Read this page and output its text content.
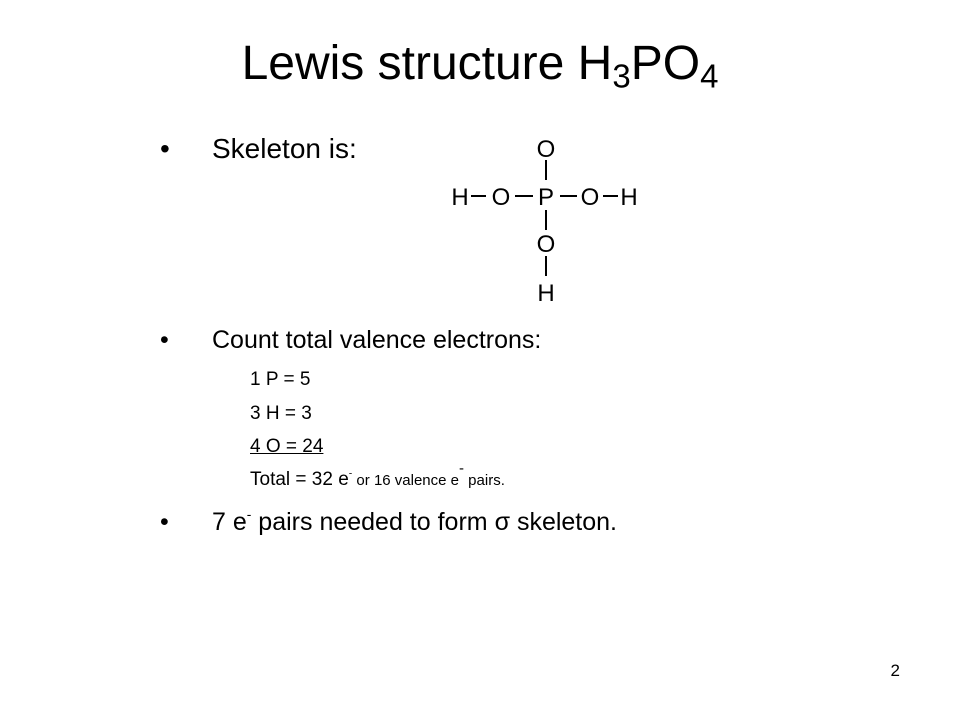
Lewis structure $H_3PO_4$
• Skeleton is:	O
H O P O H
O
H
• Count total valence electrons:
1 P = 5
3 H = 3
4 O = 24
Total = 32 e- or 16 valence e- pairs.
• 7 e- pairs needed to form σ skeleton.
2
